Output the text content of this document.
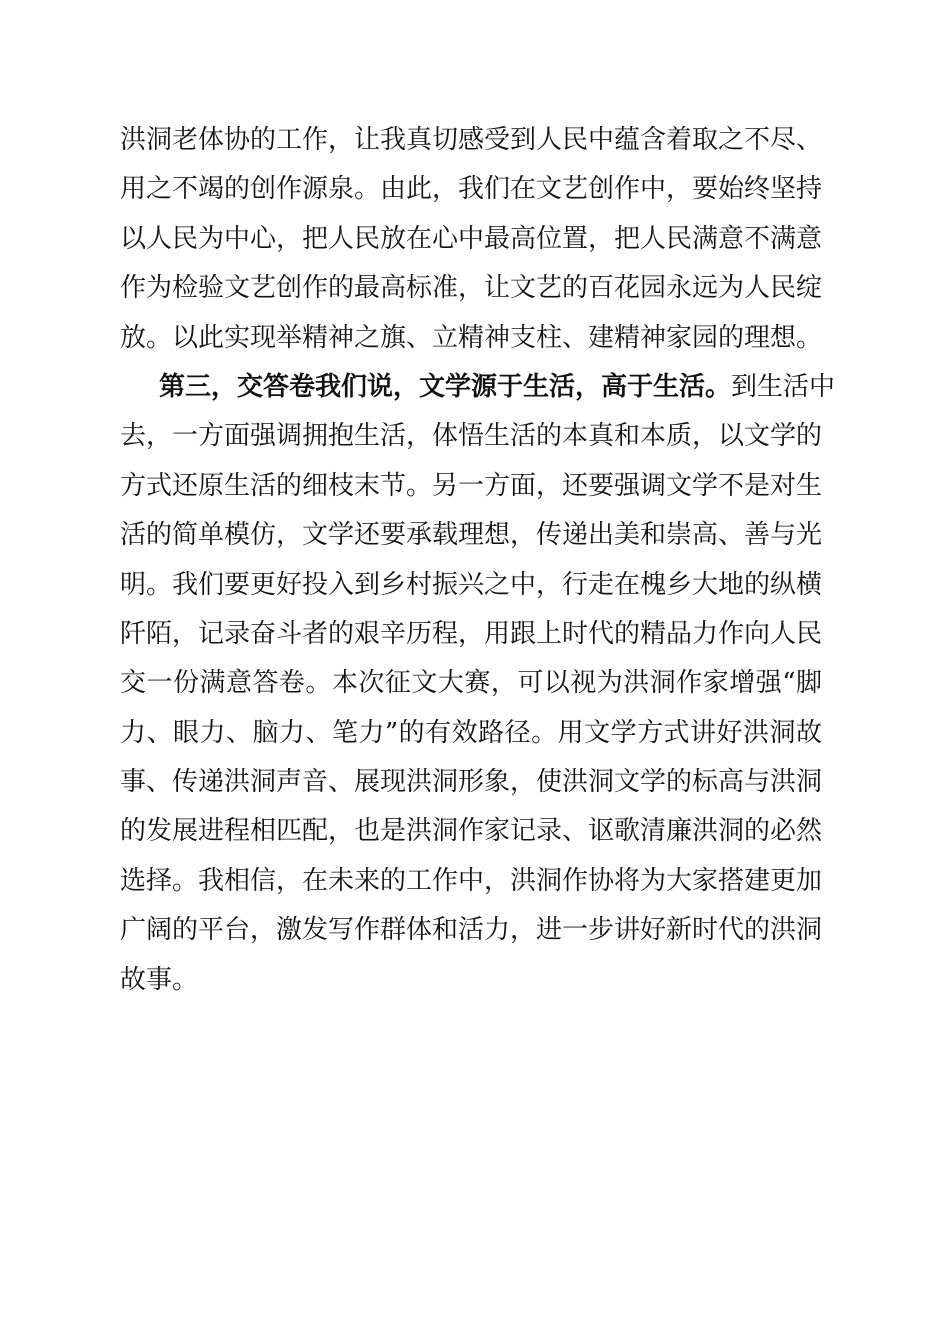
洪洞老体协的工作，让我真切感受到人民中蕴含着取之不尽、
用之不竭的创作源泉。由此，我们在文艺创作中，要始终坚持
以人民为中心，把人民放在心中最高位置，把人民满意不满意
作为检验文艺创作的最高标准，让文艺的百花园永远为人民绽
放。以此实现举精神之旗、立精神支柱、建精神家园的理想。
第三，交答卷我们说，文学源于生活，高于生活。到生活中
去，一方面强调拥抱生活，体悟生活的本真和本质，以文学的
方式还原生活的细枝末节。另一方面，还要强调文学不是对生
活的简单模仿，文学还要承载理想，传递出美和崇高、善与光
明。我们要更好投入到乡村振兴之中，行走在槐乡大地的纵横
阡陌，记录奋斗者的艰辛历程，用跟上时代的精品力作向人民
交一份满意答卷。本次征文大赛，可以视为洪洞作家增强“脚
力、眼力、脑力、笔力”的有效路径。用文学方式讲好洪洞故
事、传递洪洞声音、展现洪洞形象，使洪洞文学的标高与洪洞
的发展进程相匹配，也是洪洞作家记录、讴歌清廉洪洞的必然
选择。我相信，在未来的工作中，洪洞作协将为大家搭建更加
广阔的平台，激发写作群体和活力，进一步讲好新时代的洪洞
故事。
